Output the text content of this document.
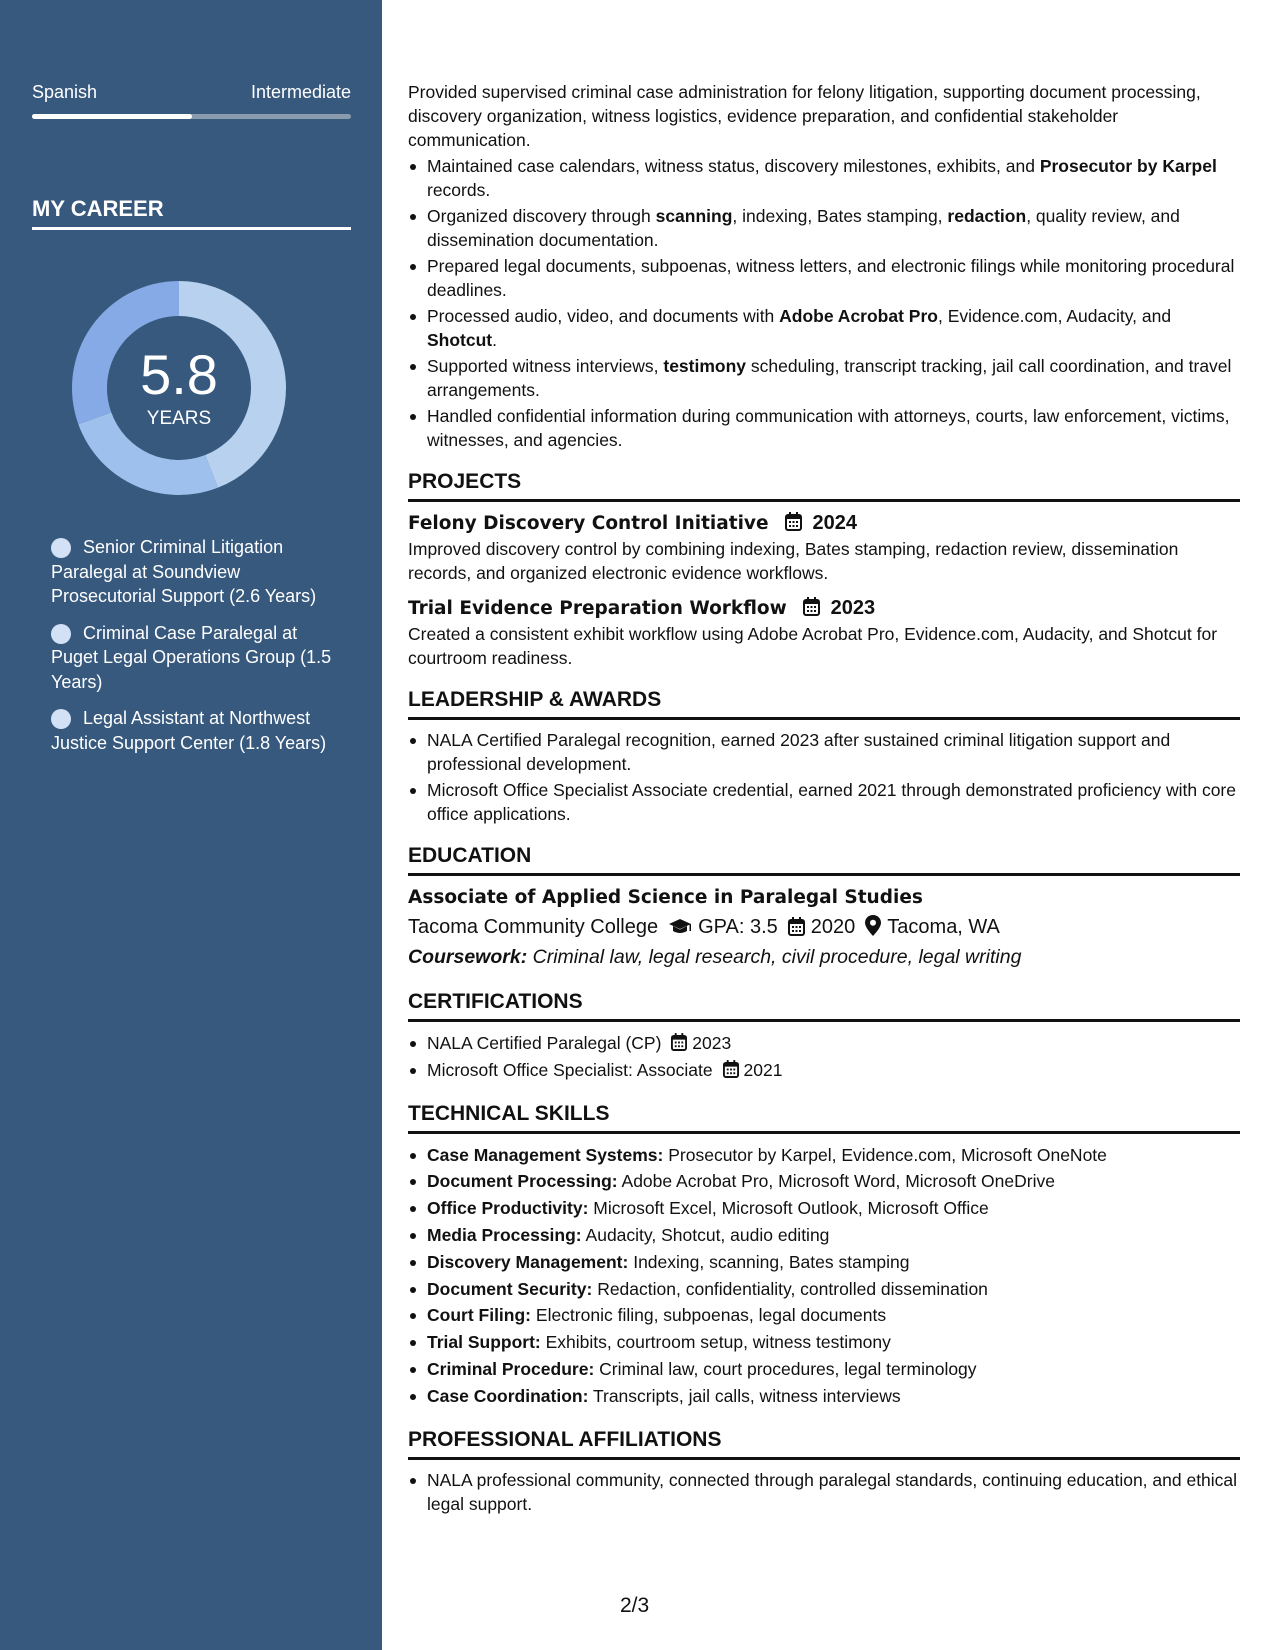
Spanish	Intermediate
MY CAREER
5.8
YEARS
Senior Criminal Litigation Paralegal at Soundview Prosecutorial Support (2.6 Years)
Criminal Case Paralegal at Puget Legal Operations Group (1.5 Years)
Legal Assistant at Northwest Justice Support Center (1.8 Years)

Provided supervised criminal case administration for felony litigation, supporting document processing, discovery organization, witness logistics, evidence preparation, and confidential stakeholder communication.

Maintained case calendars, witness status, discovery milestones, exhibits, and Prosecutor by Karpel records.
Organized discovery through scanning, indexing, Bates stamping, redaction, quality review, and dissemination documentation.
Prepared legal documents, subpoenas, witness letters, and electronic filings while monitoring procedural deadlines.
Processed audio, video, and documents with Adobe Acrobat Pro, Evidence.com, Audacity, and Shotcut.
Supported witness interviews, testimony scheduling, transcript tracking, jail call coordination, and travel arrangements.
Handled confidential information during communication with attorneys, courts, law enforcement, victims, witnesses, and agencies.
PROJECTS
Felony Discovery Control Initiative 2024

Improved discovery control by combining indexing, Bates stamping, redaction review, dissemination records, and organized electronic evidence workflows.

Trial Evidence Preparation Workflow 2023

Created a consistent exhibit workflow using Adobe Acrobat Pro, Evidence.com, Audacity, and Shotcut for courtroom readiness.

LEADERSHIP & AWARDS
NALA Certified Paralegal recognition, earned 2023 after sustained criminal litigation support and professional development.
Microsoft Office Specialist Associate credential, earned 2021 through demonstrated proficiency with core office applications.
EDUCATION
Associate of Applied Science in Paralegal Studies
Tacoma Community College GPA: 3.5 2020 Tacoma, WA
Coursework: Criminal law, legal research, civil procedure, legal writing
CERTIFICATIONS
NALA Certified Paralegal (CP) 2023
Microsoft Office Specialist: Associate 2021
TECHNICAL SKILLS
Case Management Systems: Prosecutor by Karpel, Evidence.com, Microsoft OneNote
Document Processing: Adobe Acrobat Pro, Microsoft Word, Microsoft OneDrive
Office Productivity: Microsoft Excel, Microsoft Outlook, Microsoft Office
Media Processing: Audacity, Shotcut, audio editing
Discovery Management: Indexing, scanning, Bates stamping
Document Security: Redaction, confidentiality, controlled dissemination
Court Filing: Electronic filing, subpoenas, legal documents
Trial Support: Exhibits, courtroom setup, witness testimony
Criminal Procedure: Criminal law, court procedures, legal terminology
Case Coordination: Transcripts, jail calls, witness interviews
PROFESSIONAL AFFILIATIONS
NALA professional community, connected through paralegal standards, continuing education, and ethical legal support.
2/3
